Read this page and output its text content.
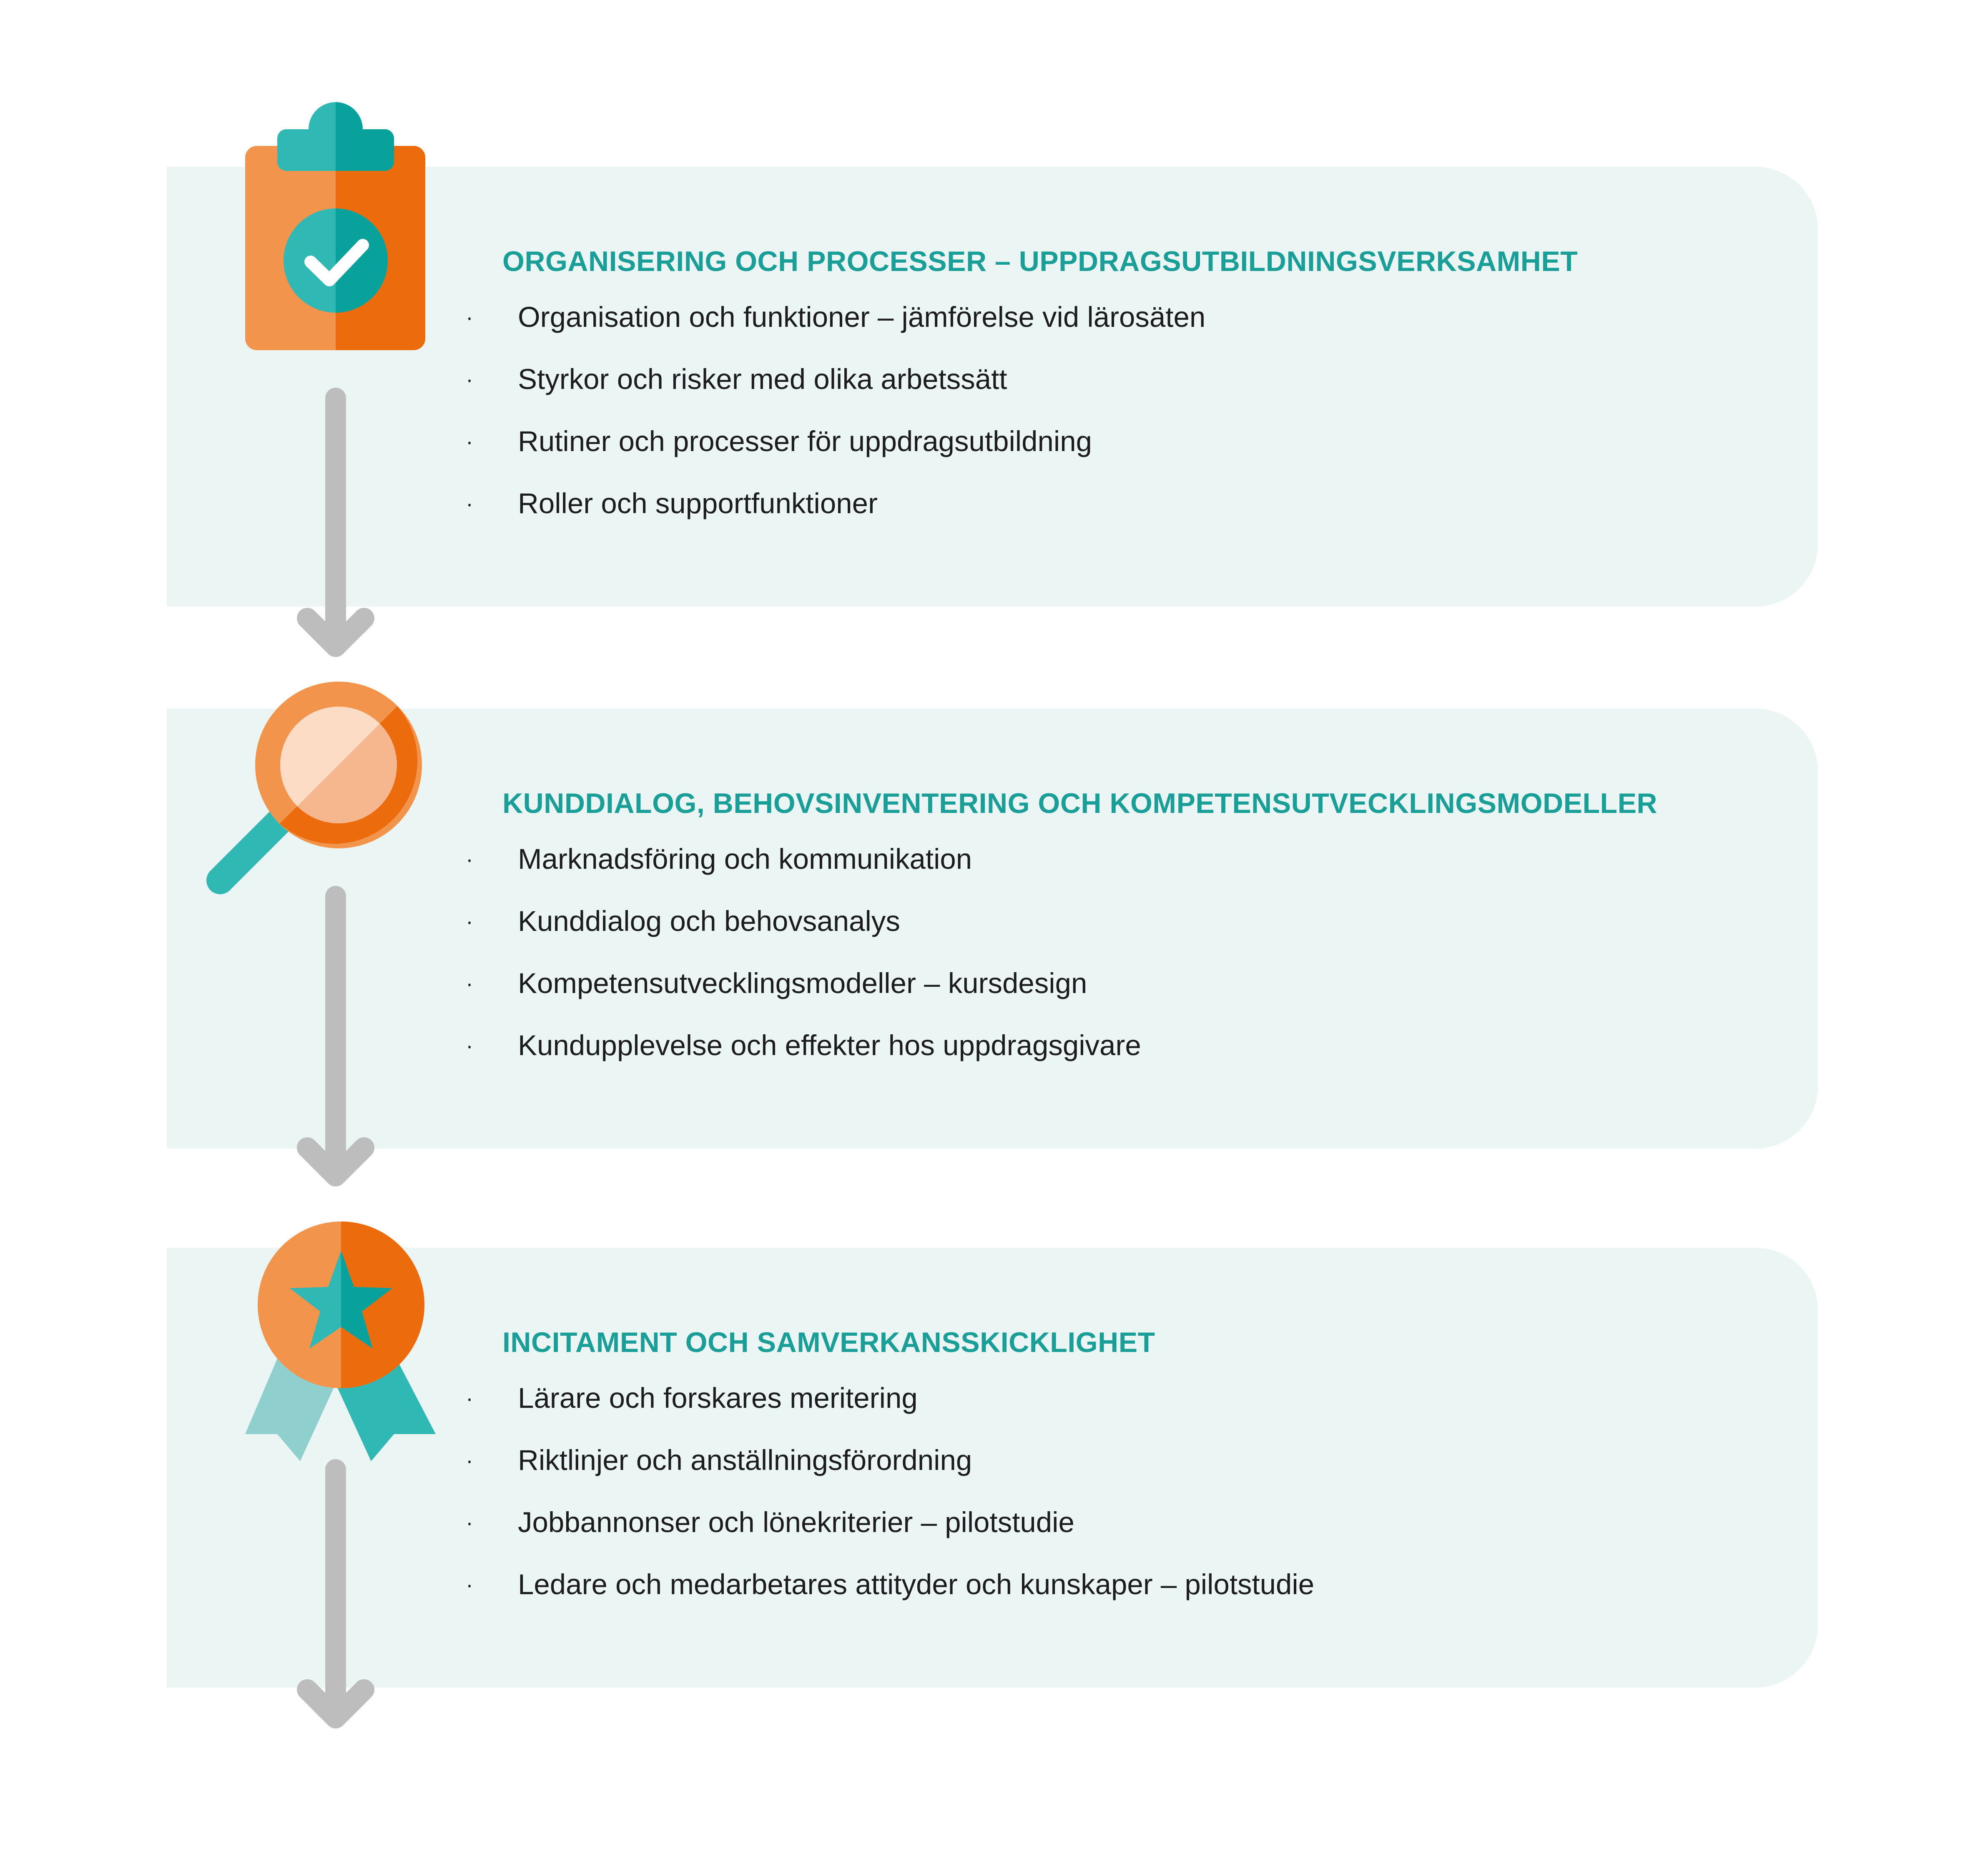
ORGANISERING OCH PROCESSER – UPPDRAGSUTBILDNINGSVERKSAMHET
· Organisation och funktioner – jämförelse vid lärosäten
· Styrkor och risker med olika arbetssätt
· Rutiner och processer för uppdragsutbildning
· Roller och supportfunktioner
KUNDDIALOG, BEHOVSINVENTERING OCH KOMPETENSUTVECKLINGSMODELLER
· Marknadsföring och kommunikation
· Kunddialog och behovsanalys
· Kompetensutvecklingsmodeller – kursdesign
· Kundupplevelse och effekter hos uppdragsgivare
INCITAMENT OCH SAMVERKANSSKICKLIGHET
· Lärare och forskares meritering
· Riktlinjer och anställningsförordning
· Jobbannonser och lönekriterier – pilotstudie
· Ledare och medarbetares attityder och kunskaper – pilotstudie
